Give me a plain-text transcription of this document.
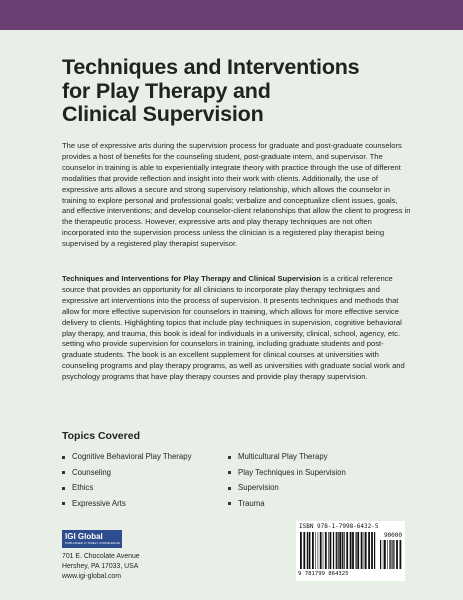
Techniques and Interventions
for Play Therapy and
Clinical Supervision

The use of expressive arts during the supervision process for graduate and post-graduate counselors provides a host of benefits for the counseling student, post-graduate intern, and supervisor. The counselor in training is able to experientially integrate theory with practice through the use of different modalities that provide reflection and insight into their work with clients. Additionally, the use of expressive arts allows a secure and strong supervisory relationship, which allows the counselor in training to explore personal and professional goals; verbalize and conceptualize client issues, goals, and effective interventions; and develop counselor-client relationships that allow the client to progress in the therapeutic process. However, expressive arts and play therapy techniques are not often incorporated into the supervision process unless the clinician is a registered play therapist being supervised by a registered play therapist supervisor.

Techniques and Interventions for Play Therapy and Clinical Supervision is a critical reference source that provides an opportunity for all clinicians to incorporate play therapy techniques and expressive art interventions into the process of supervision. It presents techniques and methods that allow for more effective supervision for counselors in training, which allows for more effective service delivery to clients. Highlighting topics that include play techniques in supervision, cognitive behavioral play therapy, and trauma, this book is ideal for individuals in a university, clinical, school, agency, etc. setting who provide supervision for counselors in training, including graduate students and post-graduate students. The book is an excellent supplement for clinical courses at universities with counseling programs and play therapy programs, as well as universities with graduate social work and psychology programs that have play therapy courses and provide play therapy supervision.

Topics Covered
Cognitive Behavioral Play Therapy
Counseling
Ethics
Expressive Arts
Multicultural Play Therapy
Play Techniques in Supervision
Supervision
Trauma
IGI Global
PUBLISHER of TIMELY KNOWLEDGE
701 E. Chocolate Avenue
Hershey, PA 17033, USA
www.igi-global.com
ISBN 978-1-7998-6432-5
90000
9 781799 864325
